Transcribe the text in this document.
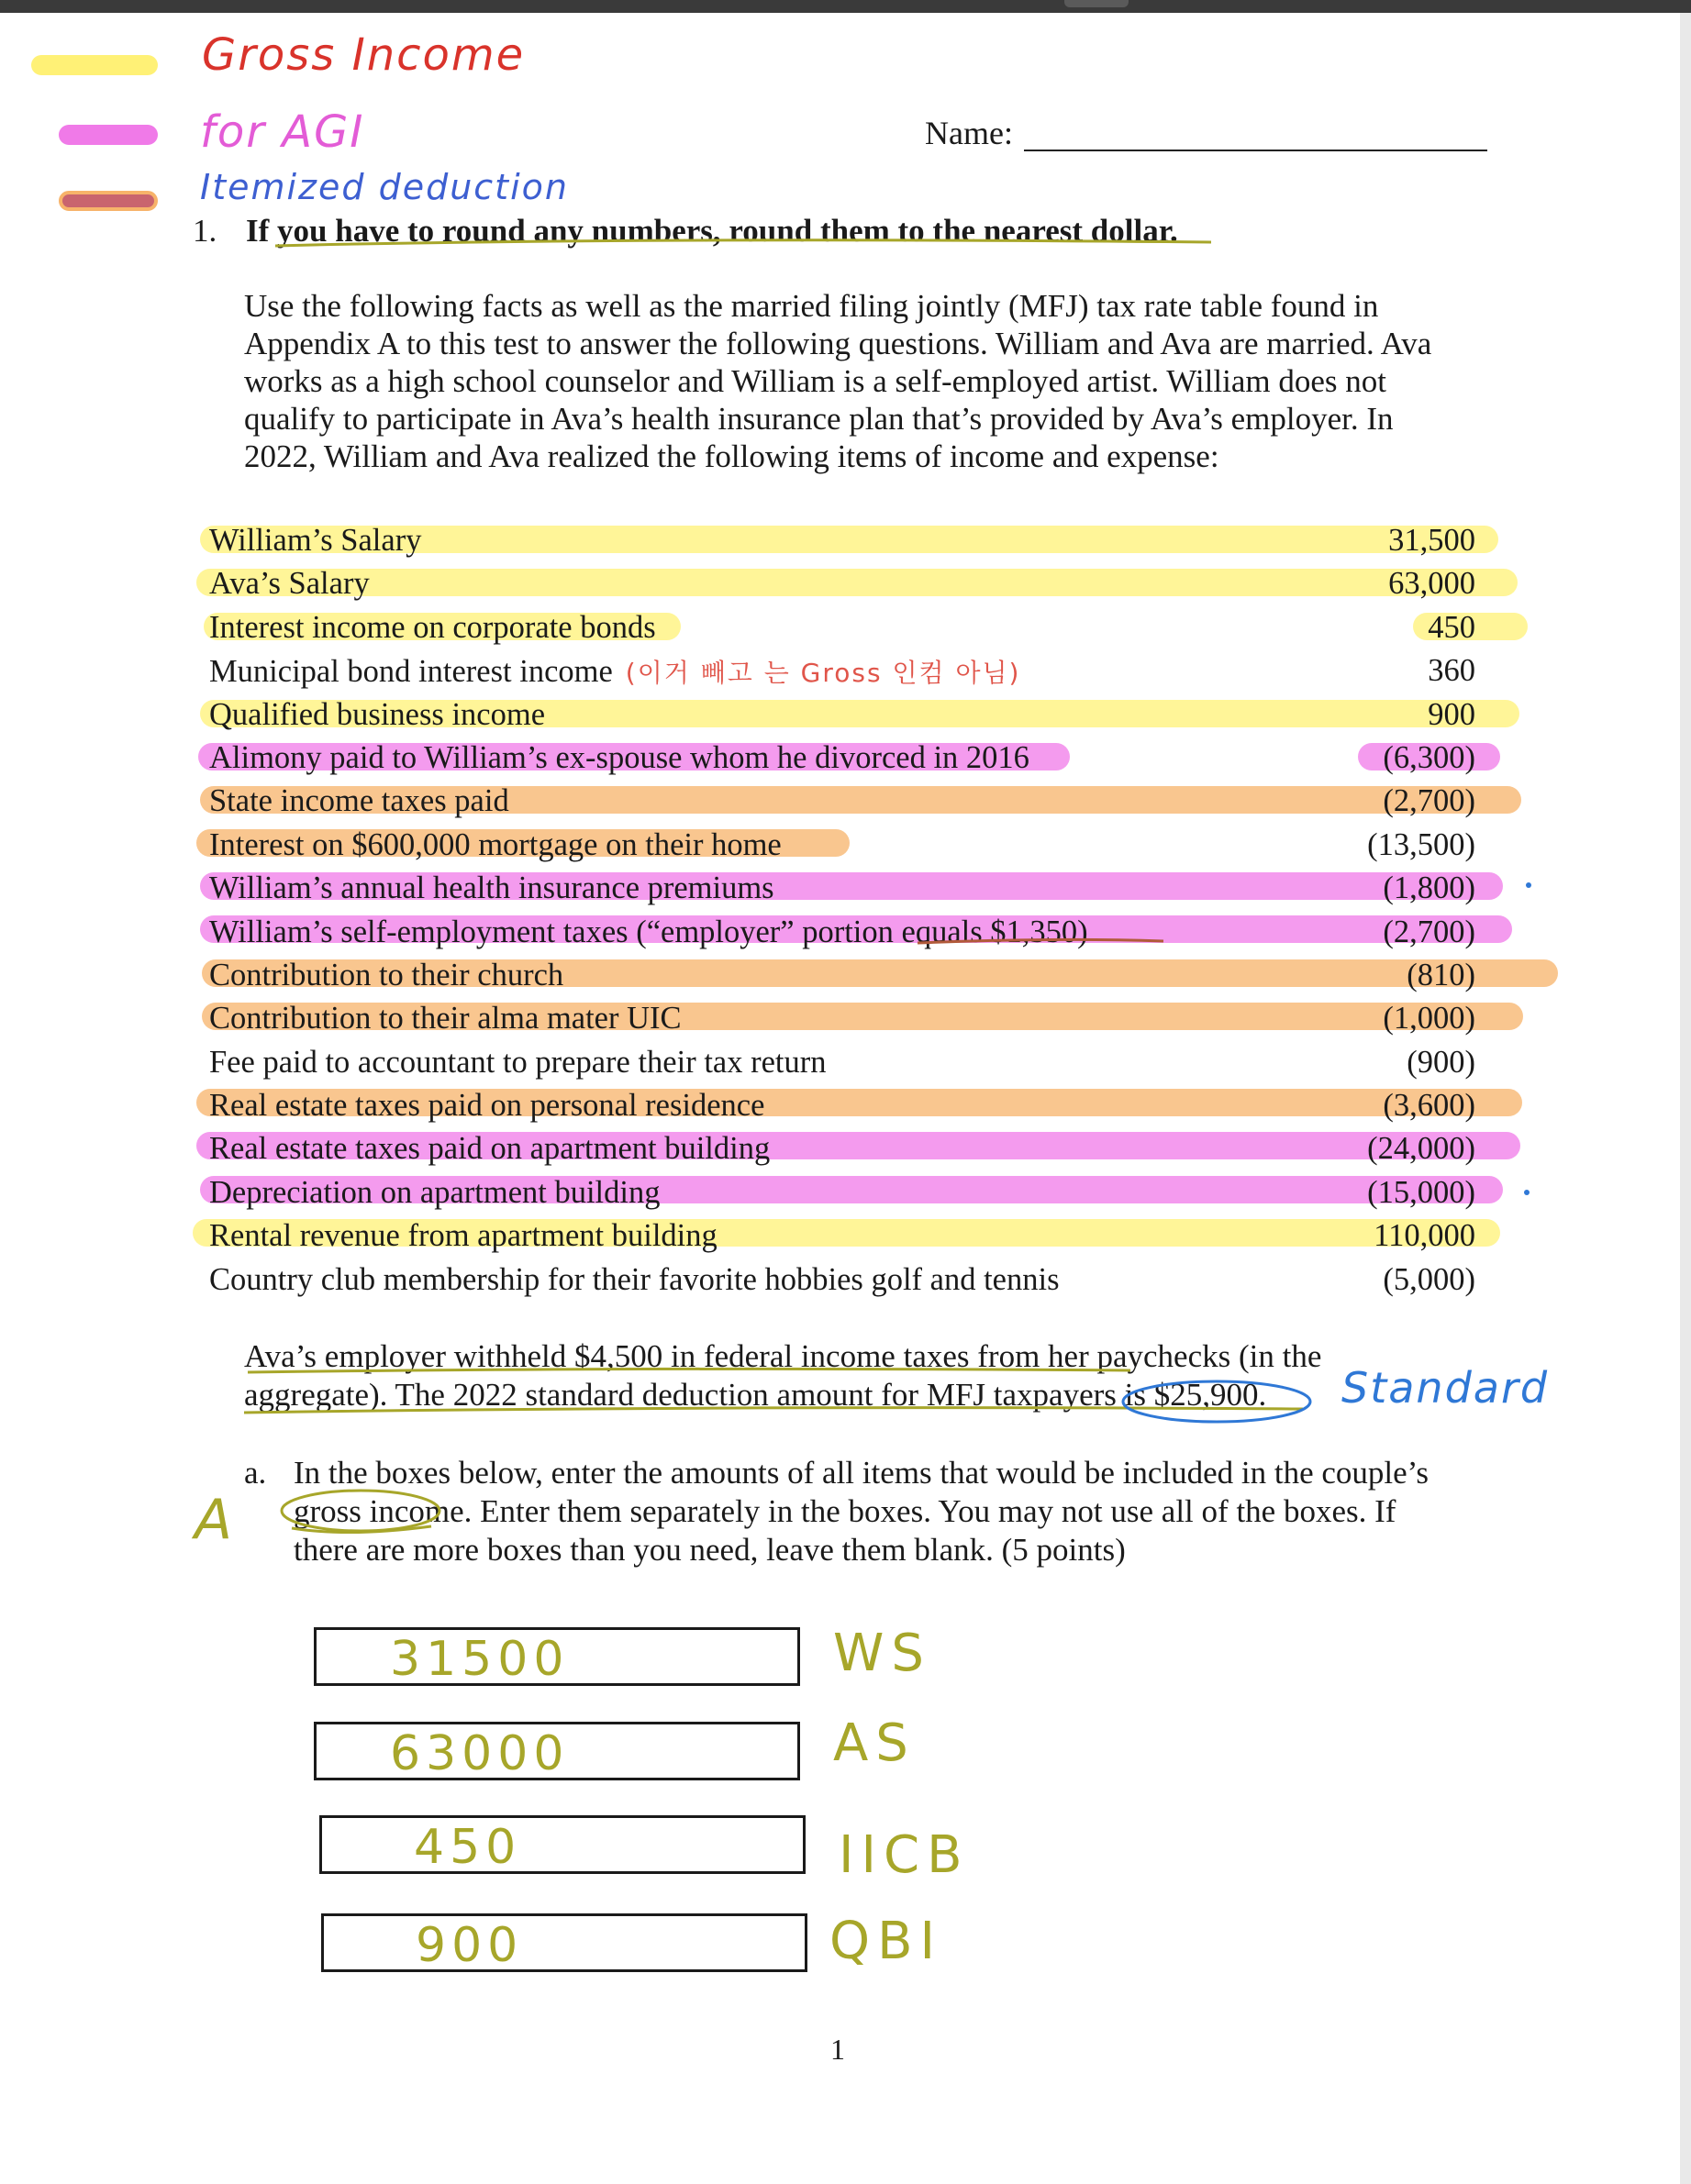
Gross Income
for AGI
Itemized deduction
Name:
1. If you have to round any numbers, round them to the nearest dollar.
Use the following facts as well as the married filing jointly (MFJ) tax rate table found in
Appendix A to this test to answer the following questions. William and Ava are married. Ava
works as a high school counselor and William is a self-employed artist. William does not
qualify to participate in Ava’s health insurance plan that’s provided by Ava’s employer. In
2022, William and Ava realized the following items of income and expense:
William’s Salary	31,500
Ava’s Salary	63,000
Interest income on corporate bonds	450
Municipal bond interest income (이거 빼고 는 Gross 인컴 아님)	360
Qualified business income	900
Alimony paid to William’s ex-spouse whom he divorced in 2016	(6,300)
State income taxes paid	(2,700)
Interest on $600,000 mortgage on their home	(13,500)
William’s annual health insurance premiums	(1,800)
William’s self-employment taxes (“employer” portion equals $1,350)	(2,700)
Contribution to their church	(810)
Contribution to their alma mater UIC	(1,000)
Fee paid to accountant to prepare their tax return	(900)
Real estate taxes paid on personal residence	(3,600)
Real estate taxes paid on apartment building	(24,000)
Depreciation on apartment building	(15,000)
Rental revenue from apartment building	110,000
Country club membership for their favorite hobbies golf and tennis	(5,000)
Ava’s employer withheld $4,500 in federal income taxes from her paychecks (in the
aggregate). The 2022 standard deduction amount for MFJ taxpayers is $25,900.	Standard
a. In the boxes below, enter the amounts of all items that would be included in the couple’s
gross income. Enter them separately in the boxes. You may not use all of the boxes. If
there are more boxes than you need, leave them blank. (5 points)
A
31500
63000
450
900
WS
AS
IICB
QBI
1
